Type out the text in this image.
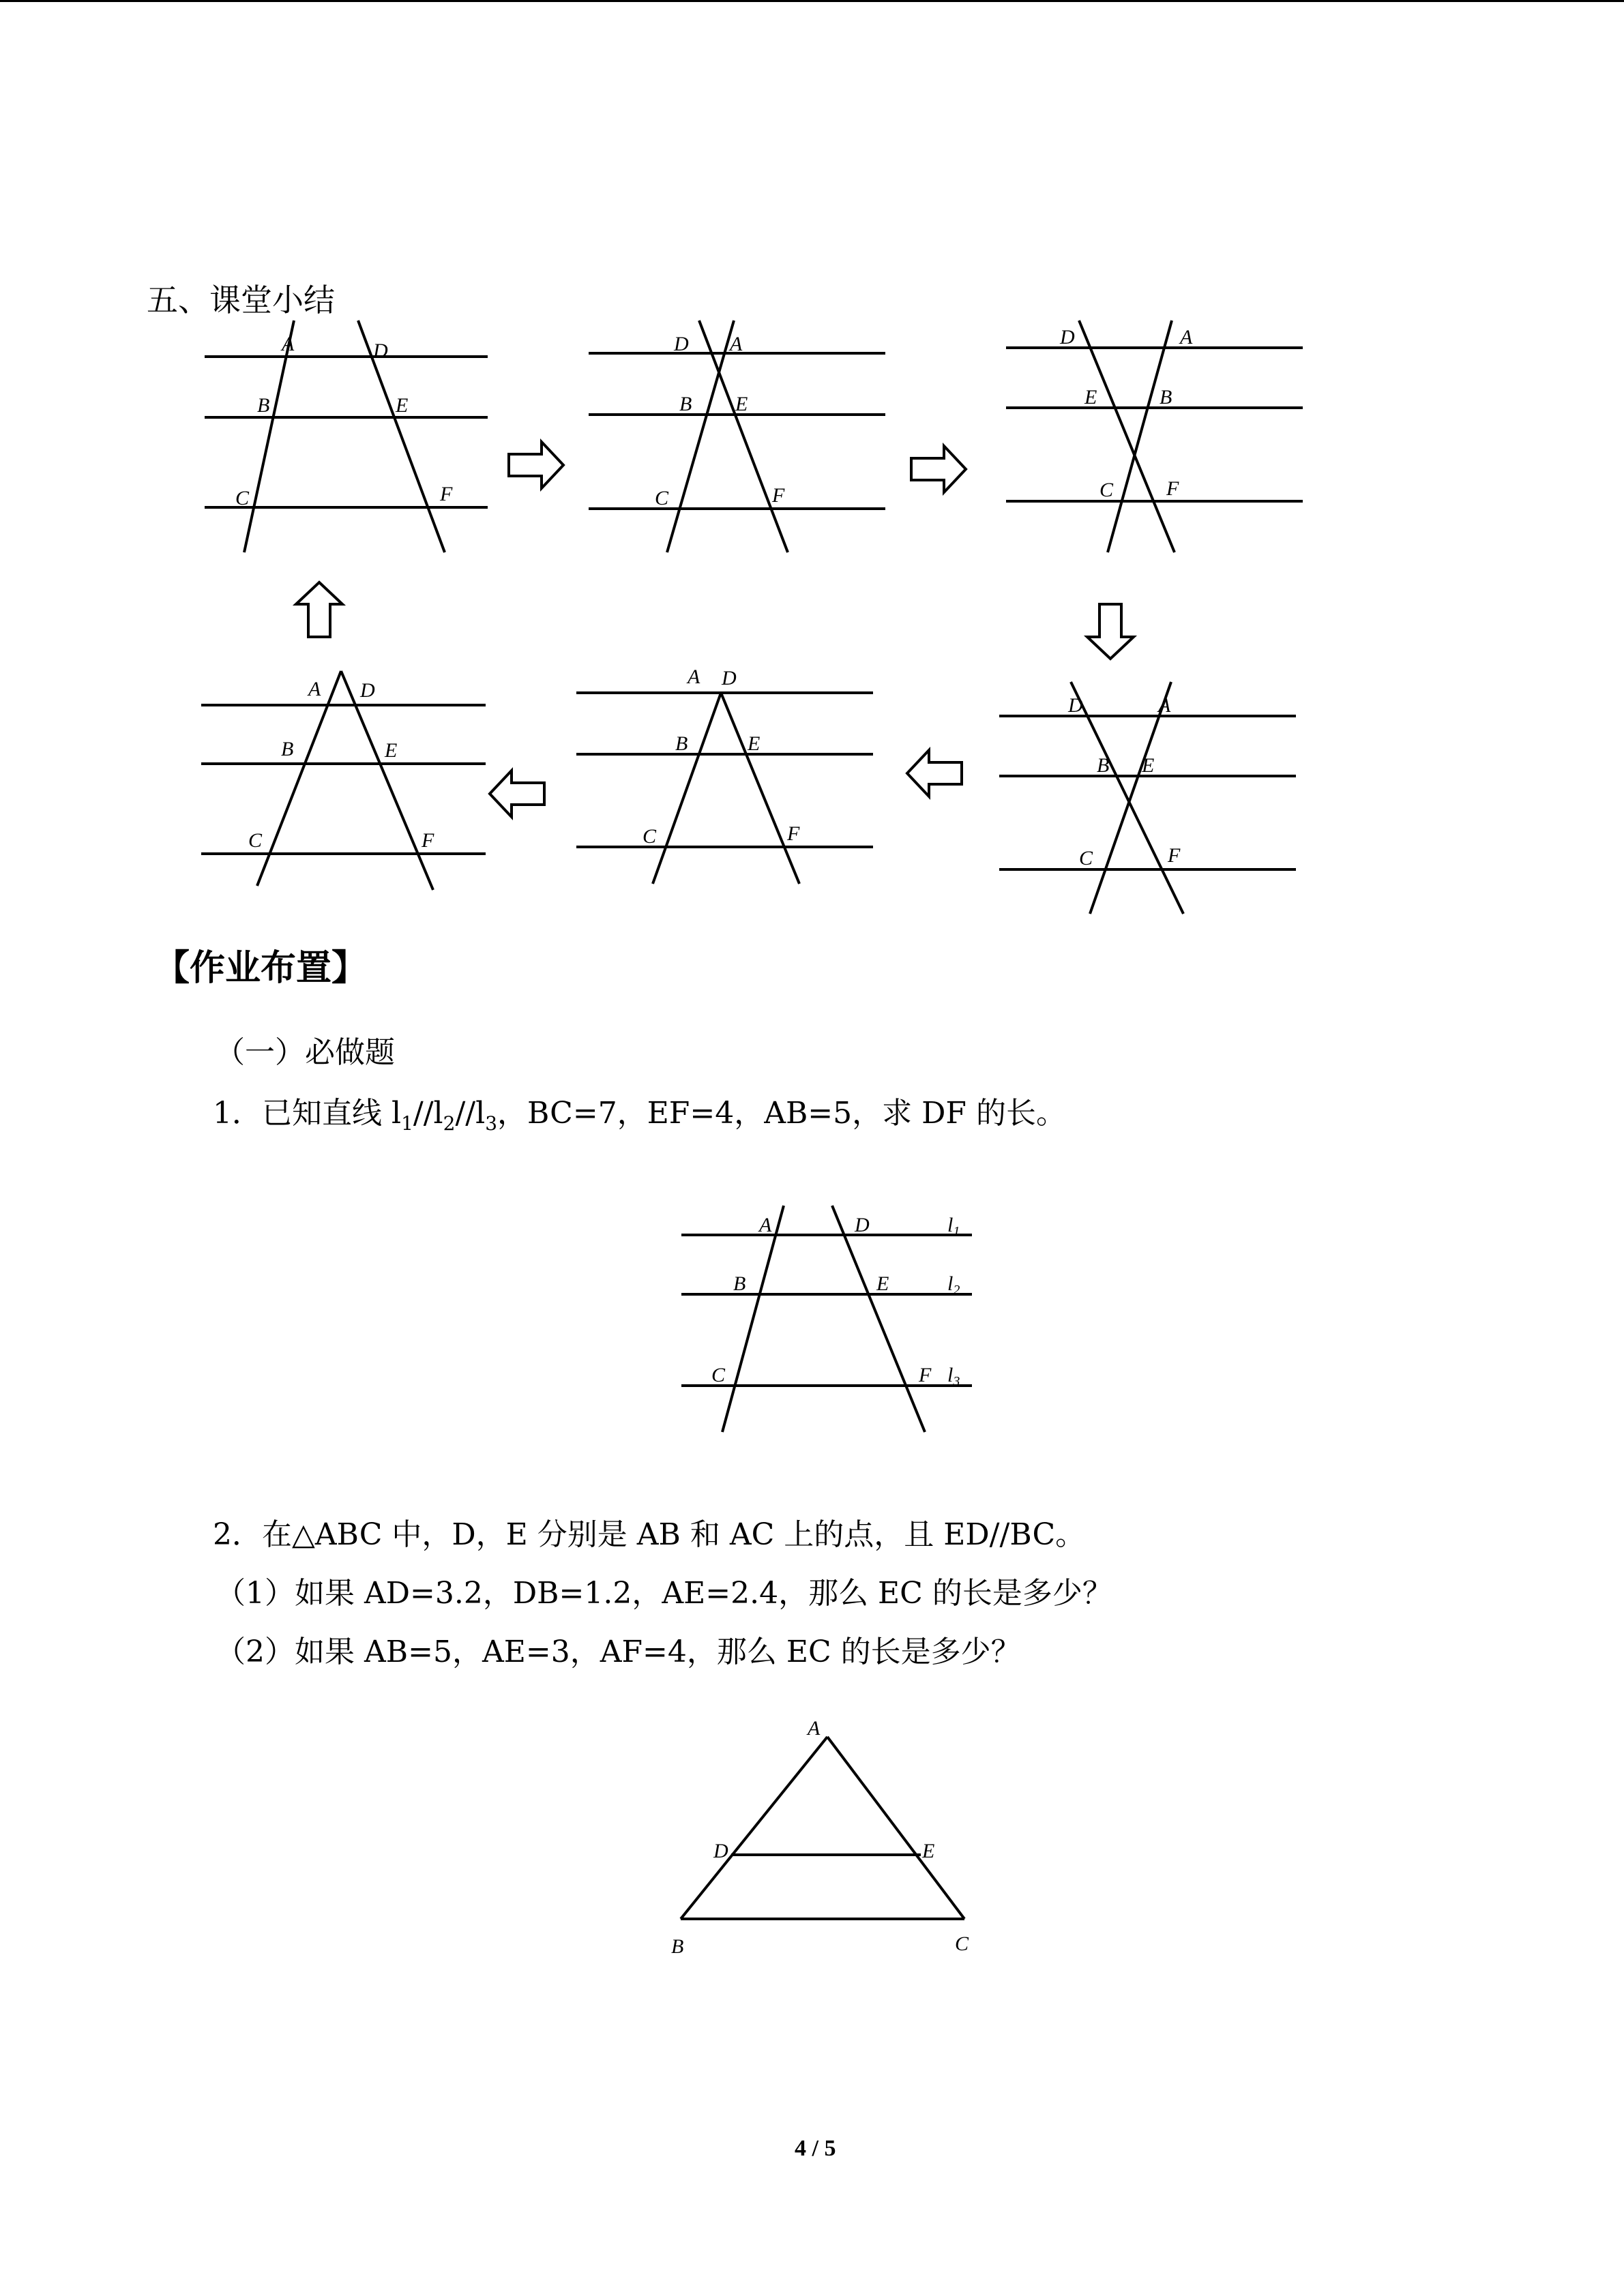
五、课堂小结
A	D
B	E
C	F
D A
B E
C	F
D	A
E	B
C	F
D	A
B E
C	F
A D
B	E
C	F
A D
B	E
C	F
【作业布置】
（一）必做题
1．已知直线 $l_1//l_2//l_3$，BC=7，EF=4，AB=5，求 DF 的长。
A	D
B	E
C	F
$l_1$
$l_2$
$l_3$
2．在△ABC 中，D，E 分别是 AB 和 AC 上的点，且 ED//BC。
（1）如果 AD=3.2，DB=1.2，AE=2.4，那么 EC 的长是多少？
（2）如果 AB=5，AE=3，AF=4，那么 EC 的长是多少？
A
D	E
B	C
4 / 5
